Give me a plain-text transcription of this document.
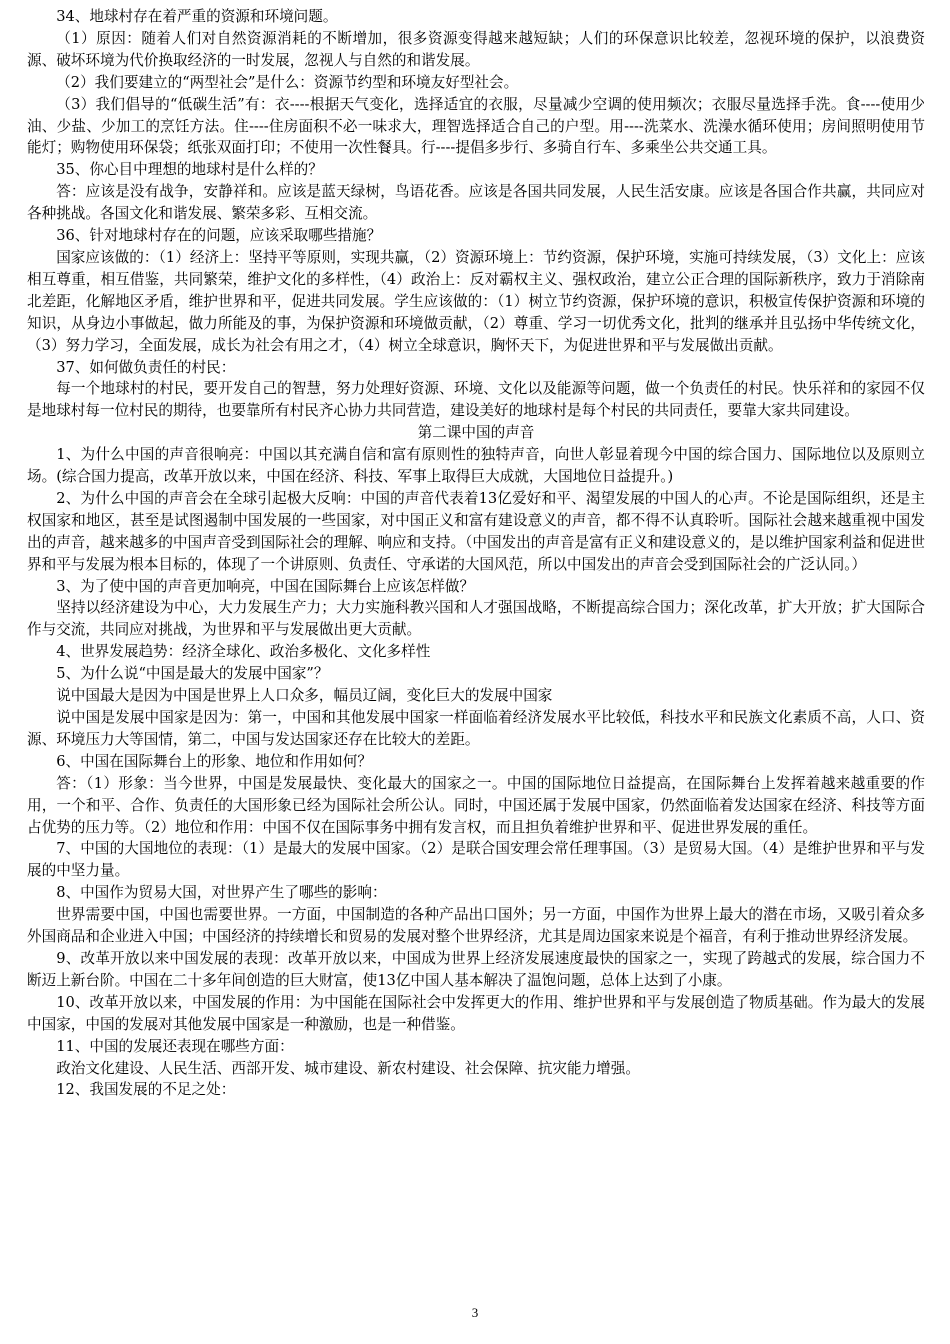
34、地球村存在着严重的资源和环境问题。

（1）原因：随着人们对自然资源消耗的不断增加，很多资源变得越来越短缺；人们的环保意识比较差，忽视环境的保护，以浪费资源、破坏环境为代价换取经济的一时发展，忽视人与自然的和谐发展。

（2）我们要建立的“两型社会”是什么：资源节约型和环境友好型社会。

（3）我们倡导的“低碳生活”有：衣----根据天气变化，选择适宜的衣服，尽量减少空调的使用频次；衣服尽量选择手洗。食----使用少油、少盐、少加工的烹饪方法。住----住房面积不必一味求大，理智选择适合自己的户型。用----洗菜水、洗澡水循环使用；房间照明使用节能灯；购物使用环保袋；纸张双面打印；不使用一次性餐具。行----提倡多步行、多骑自行车、多乘坐公共交通工具。

35、你心目中理想的地球村是什么样的？

答：应该是没有战争，安静祥和。应该是蓝天绿树，鸟语花香。应该是各国共同发展，人民生活安康。应该是各国合作共赢，共同应对各种挑战。各国文化和谐发展、繁荣多彩、互相交流。

36、针对地球村存在的问题，应该采取哪些措施？

国家应该做的：（1）经济上：坚持平等原则，实现共赢，（2）资源环境上：节约资源，保护环境，实施可持续发展，（3）文化上：应该相互尊重，相互借鉴，共同繁荣，维护文化的多样性，（4）政治上：反对霸权主义、强权政治，建立公正合理的国际新秩序，致力于消除南北差距，化解地区矛盾，维护世界和平，促进共同发展。学生应该做的：（1）树立节约资源，保护环境的意识，积极宣传保护资源和环境的知识，从身边小事做起，做力所能及的事，为保护资源和环境做贡献，（2）尊重、学习一切优秀文化，批判的继承并且弘扬中华传统文化，（3）努力学习，全面发展，成长为社会有用之才，（4）树立全球意识，胸怀天下，为促进世界和平与发展做出贡献。

37、如何做负责任的村民：

每一个地球村的村民，要开发自己的智慧，努力处理好资源、环境、文化以及能源等问题，做一个负责任的村民。快乐祥和的家园不仅是地球村每一位村民的期待，也要靠所有村民齐心协力共同营造，建设美好的地球村是每个村民的共同责任，要靠大家共同建设。

第二课中国的声音

1、为什么中国的声音很响亮：中国以其充满自信和富有原则性的独特声音，向世人彰显着现今中国的综合国力、国际地位以及原则立场。(综合国力提高，改革开放以来，中国在经济、科技、军事上取得巨大成就，大国地位日益提升。)

2、为什么中国的声音会在全球引起极大反响：中国的声音代表着13亿爱好和平、渴望发展的中国人的心声。不论是国际组织，还是主权国家和地区，甚至是试图遏制中国发展的一些国家，对中国正义和富有建设意义的声音，都不得不认真聆听。国际社会越来越重视中国发出的声音，越来越多的中国声音受到国际社会的理解、响应和支持。（中国发出的声音是富有正义和建设意义的，是以维护国家利益和促进世界和平与发展为根本目标的，体现了一个讲原则、负责任、守承诺的大国风范，所以中国发出的声音会受到国际社会的广泛认同。）

3、为了使中国的声音更加响亮，中国在国际舞台上应该怎样做？

坚持以经济建设为中心，大力发展生产力；大力实施科教兴国和人才强国战略，不断提高综合国力；深化改革，扩大开放；扩大国际合作与交流，共同应对挑战，为世界和平与发展做出更大贡献。

4、世界发展趋势：经济全球化、政治多极化、文化多样性

5、为什么说“中国是最大的发展中国家”？

说中国最大是因为中国是世界上人口众多，幅员辽阔，变化巨大的发展中国家

说中国是发展中国家是因为：第一，中国和其他发展中国家一样面临着经济发展水平比较低，科技水平和民族文化素质不高，人口、资源、环境压力大等国情，第二，中国与发达国家还存在比较大的差距。

6、中国在国际舞台上的形象、地位和作用如何？

答：（1）形象：当今世界，中国是发展最快、变化最大的国家之一。中国的国际地位日益提高，在国际舞台上发挥着越来越重要的作用，一个和平、合作、负责任的大国形象已经为国际社会所公认。同时，中国还属于发展中国家，仍然面临着发达国家在经济、科技等方面占优势的压力等。（2）地位和作用：中国不仅在国际事务中拥有发言权，而且担负着维护世界和平、促进世界发展的重任。

7、中国的大国地位的表现：（1）是最大的发展中国家。（2）是联合国安理会常任理事国。（3）是贸易大国。（4）是维护世界和平与发展的中坚力量。

8、中国作为贸易大国，对世界产生了哪些的影响：

世界需要中国，中国也需要世界。一方面，中国制造的各种产品出口国外；另一方面，中国作为世界上最大的潜在市场，又吸引着众多外国商品和企业进入中国；中国经济的持续增长和贸易的发展对整个世界经济，尤其是周边国家来说是个福音，有利于推动世界经济发展。

9、改革开放以来中国发展的表现：改革开放以来，中国成为世界上经济发展速度最快的国家之一，实现了跨越式的发展，综合国力不断迈上新台阶。中国在二十多年间创造的巨大财富，使13亿中国人基本解决了温饱问题，总体上达到了小康。

10、改革开放以来，中国发展的作用：为中国能在国际社会中发挥更大的作用、维护世界和平与发展创造了物质基础。作为最大的发展中国家，中国的发展对其他发展中国家是一种激励，也是一种借鉴。

11、中国的发展还表现在哪些方面：

政治文化建设、人民生活、西部开发、城市建设、新农村建设、社会保障、抗灾能力增强。

12、我国发展的不足之处：

3
